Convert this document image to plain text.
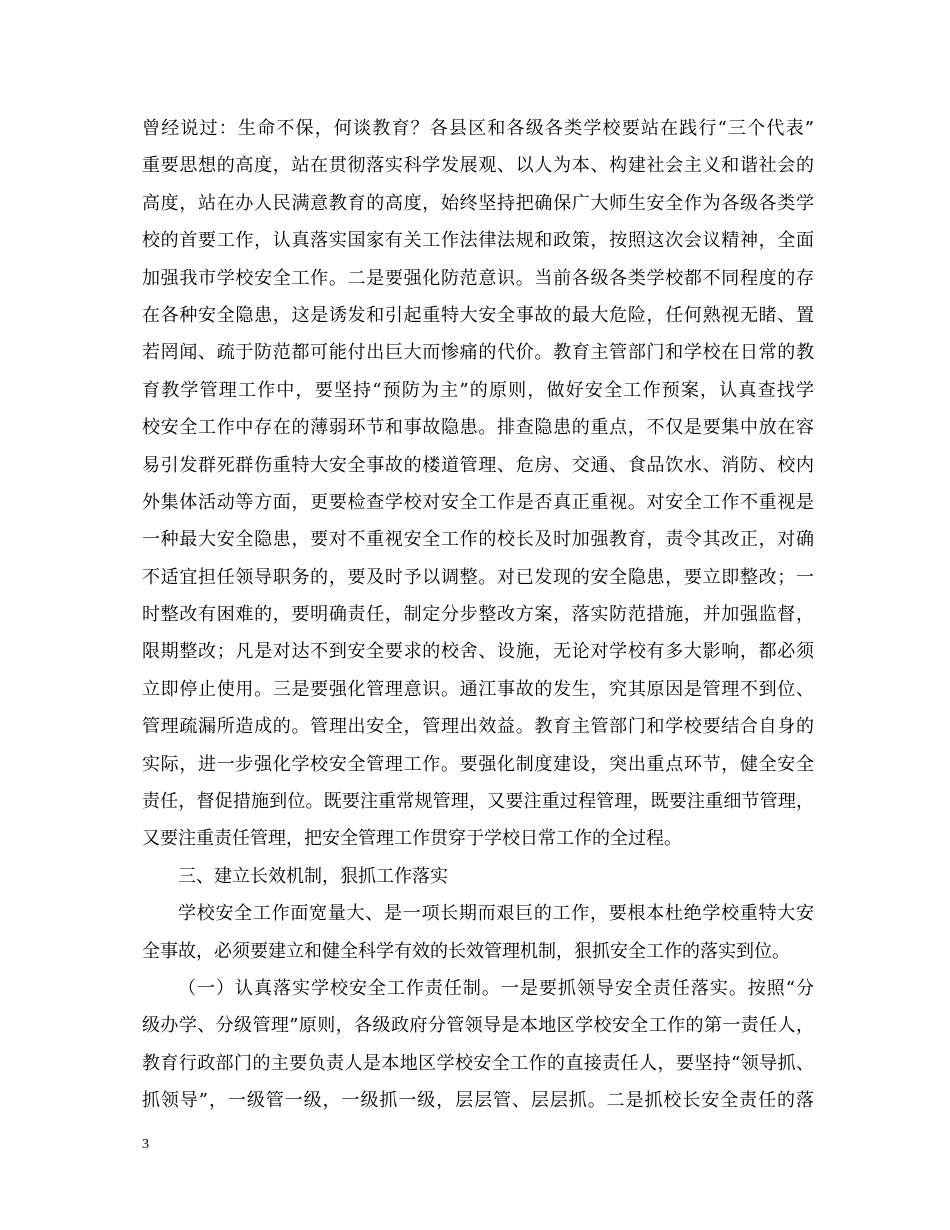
曾经说过：生命不保，何谈教育？各县区和各级各类学校要站在践行“三个代表”
重要思想的高度，站在贯彻落实科学发展观、以人为本、构建社会主义和谐社会的
高度，站在办人民满意教育的高度，始终坚持把确保广大师生安全作为各级各类学
校的首要工作，认真落实国家有关工作法律法规和政策，按照这次会议精神，全面
加强我市学校安全工作。二是要强化防范意识。当前各级各类学校都不同程度的存
在各种安全隐患，这是诱发和引起重特大安全事故的最大危险，任何熟视无睹、置
若罔闻、疏于防范都可能付出巨大而惨痛的代价。教育主管部门和学校在日常的教
育教学管理工作中，要坚持“预防为主”的原则，做好安全工作预案，认真查找学
校安全工作中存在的薄弱环节和事故隐患。排查隐患的重点，不仅是要集中放在容
易引发群死群伤重特大安全事故的楼道管理、危房、交通、食品饮水、消防、校内
外集体活动等方面，更要检查学校对安全工作是否真正重视。对安全工作不重视是
一种最大安全隐患，要对不重视安全工作的校长及时加强教育，责令其改正，对确
不适宜担任领导职务的，要及时予以调整。对已发现的安全隐患，要立即整改；一
时整改有困难的，要明确责任，制定分步整改方案，落实防范措施，并加强监督，
限期整改；凡是对达不到安全要求的校舍、设施，无论对学校有多大影响，都必须
立即停止使用。三是要强化管理意识。通江事故的发生，究其原因是管理不到位、
管理疏漏所造成的。管理出安全，管理出效益。教育主管部门和学校要结合自身的
实际，进一步强化学校安全管理工作。要强化制度建设，突出重点环节，健全安全
责任，督促措施到位。既要注重常规管理，又要注重过程管理，既要注重细节管理，
又要注重责任管理，把安全管理工作贯穿于学校日常工作的全过程。
三、建立长效机制，狠抓工作落实
学校安全工作面宽量大、是一项长期而艰巨的工作，要根本杜绝学校重特大安
全事故，必须要建立和健全科学有效的长效管理机制，狠抓安全工作的落实到位。
（一）认真落实学校安全工作责任制。一是要抓领导安全责任落实。按照“分
级办学、分级管理”原则，各级政府分管领导是本地区学校安全工作的第一责任人，
教育行政部门的主要负责人是本地区学校安全工作的直接责任人，要坚持“领导抓、
抓领导”，一级管一级，一级抓一级，层层管、层层抓。二是抓校长安全责任的落
3
